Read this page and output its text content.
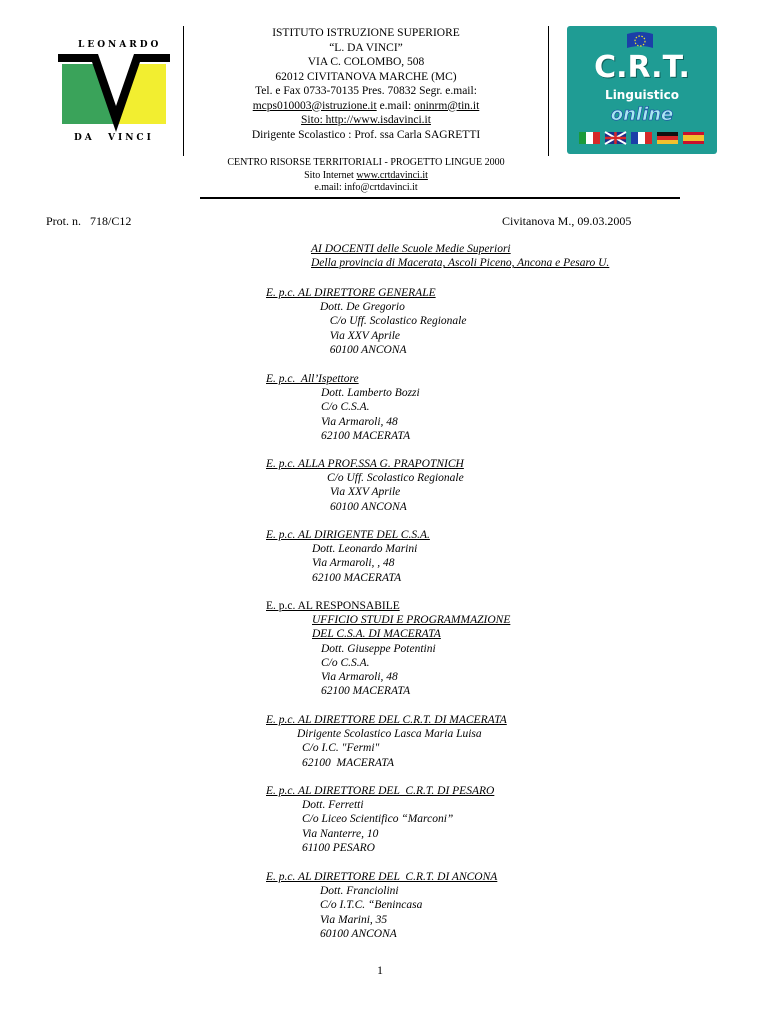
LEONARDO
DA VINCI
ISTITUTO ISTRUZIONE SUPERIORE
“L. DA VINCI”
VIA C. COLOMBO, 508
62012 CIVITANOVA MARCHE (MC)
Tel. e Fax 0733-70135 Pres. 70832 Segr. e.mail:
mcps010003@istruzione.it e.mail: oninrm@tin.it
Sito: http://www.isdavinci.it
Dirigente Scolastico : Prof. ssa Carla SAGRETTI
C.R.T.
Linguistico
online
CENTRO RISORSE TERRITORIALI - PROGETTO LINGUE 2000
Sito Internet www.crtdavinci.it
e.mail: info@crtdavinci.it
Prot. n.   718/C12	Civitanova M., 09.03.2005
AI DOCENTI delle Scuole Medie Superiori
Della provincia di Macerata, Ascoli Piceno, Ancona e Pesaro U.
E. p.c. AL DIRETTORE GENERALE
Dott. De Gregorio
C/o Uff. Scolastico Regionale
Via XXV Aprile
60100 ANCONA
E. p.c.  All’Ispettore
Dott. Lamberto Bozzi
C/o C.S.A.
Via Armaroli, 48
62100 MACERATA
E. p.c. ALLA PROF.SSA G. PRAPOTNICH
C/o Uff. Scolastico Regionale
Via XXV Aprile
60100 ANCONA
E. p.c. AL DIRIGENTE DEL C.S.A.
Dott. Leonardo Marini
Via Armaroli, , 48
62100 MACERATA
E. p.c. AL RESPONSABILE
UFFICIO STUDI E PROGRAMMAZIONE
DEL C.S.A. DI MACERATA
Dott. Giuseppe Potentini
C/o C.S.A.
Via Armaroli, 48
62100 MACERATA
E. p.c. AL DIRETTORE DEL C.R.T. DI MACERATA
Dirigente Scolastico Lasca Maria Luisa
C/o I.C. "Fermi"
62100  MACERATA
E. p.c. AL DIRETTORE DEL  C.R.T. DI PESARO
Dott. Ferretti
C/o Liceo Scientifico “Marconi”
Via Nanterre, 10
61100 PESARO
E. p.c. AL DIRETTORE DEL  C.R.T. DI ANCONA
Dott. Franciolini
C/o I.T.C. “Benincasa
Via Marini, 35
60100 ANCONA
1
